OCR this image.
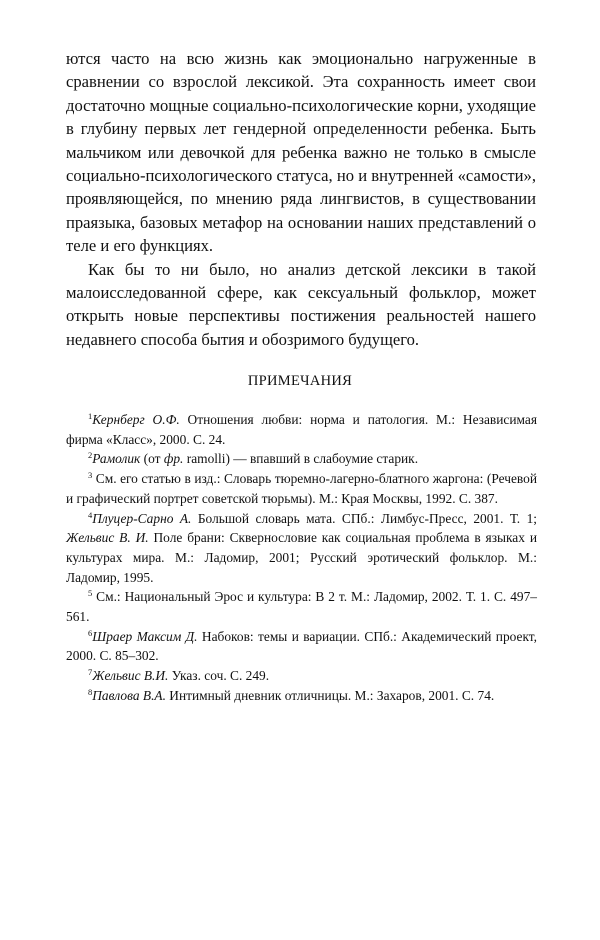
ются часто на всю жизнь как эмоционально нагруженные в сравнении со взрослой лексикой. Эта сохранность имеет свои достаточно мощные социально-психологические корни, уходящие в глубину первых лет гендерной определенности ребенка. Быть мальчиком или девочкой для ребенка важно не только в смысле социально-психологического статуса, но и внутренней «самости», проявляющейся, по мнению ряда лингвистов, в существовании праязыка, базовых метафор на основании наших представлений о теле и его функциях.

Как бы то ни было, но анализ детской лексики в такой малоисследованной сфере, как сексуальный фольклор, может открыть новые перспективы постижения реальностей нашего недавнего способа бытия и обозримого будущего.

ПРИМЕЧАНИЯ

$^1$Кернберг О.Ф. Отношения любви: норма и патология. М.: Независимая фирма «Класс», 2000. С. 24.

$^2$Рамолик (от фр. ramolli) — впавший в слабоумие старик.

$^3$ См. его статью в изд.: Словарь тюремно-лагерно-блатного жаргона: (Речевой и графический портрет советской тюрьмы). М.: Края Москвы, 1992. С. 387.

$^4$Плуцер-Сарно А. Большой словарь мата. СПб.: Лимбус-Пресс, 2001. Т. 1; Жельвис В. И. Поле брани: Сквернословие как социальная проблема в языках и культурах мира. М.: Ладомир, 2001; Русский эротический фольклор. М.: Ладомир, 1995.

$^5$ См.: Национальный Эрос и культура: В 2 т. М.: Ладомир, 2002. Т. 1. С. 497–561.

$^6$Шраер Максим Д. Набоков: темы и вариации. СПб.: Академический проект, 2000. С. 85–302.

$^7$Жельвис В.И. Указ. соч. С. 249.

$^8$Павлова В.А. Интимный дневник отличницы. М.: Захаров, 2001. С. 74.
